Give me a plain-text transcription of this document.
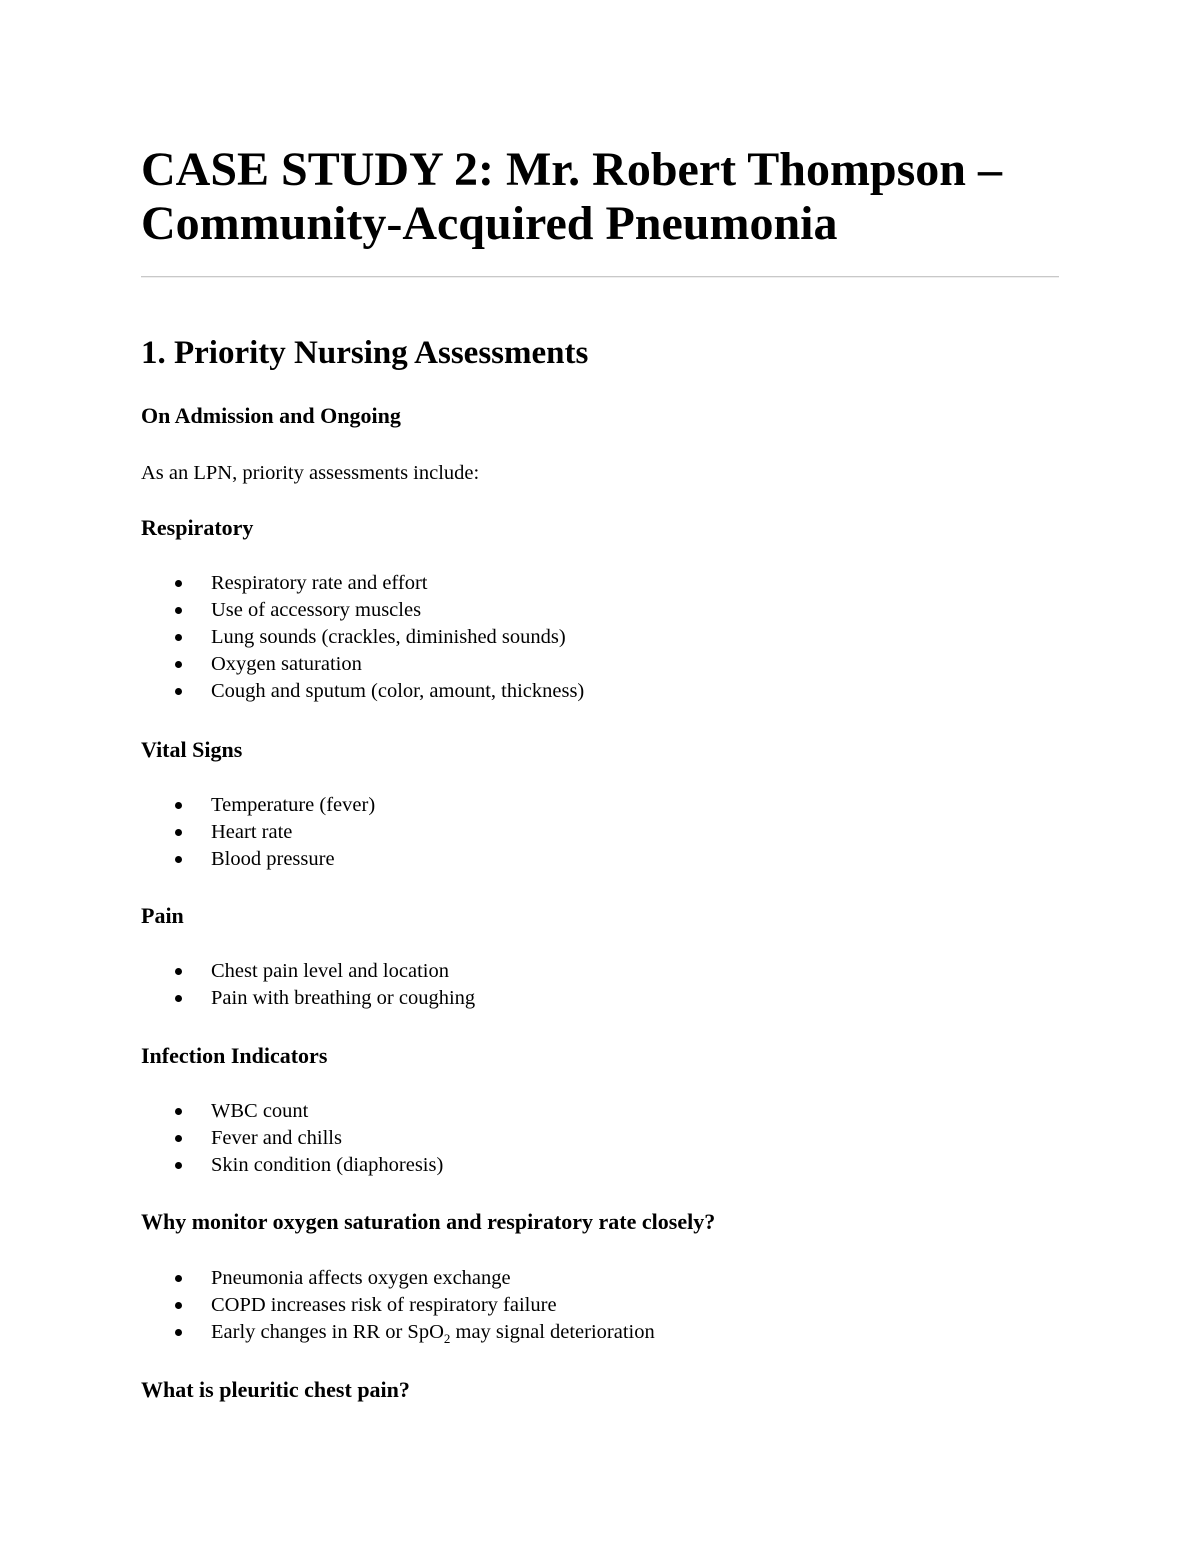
CASE STUDY 2: Mr. Robert Thompson – Community-Acquired Pneumonia
1. Priority Nursing Assessments
On Admission and Ongoing

As an LPN, priority assessments include:

Respiratory
Respiratory rate and effort
Use of accessory muscles
Lung sounds (crackles, diminished sounds)
Oxygen saturation
Cough and sputum (color, amount, thickness)
Vital Signs
Temperature (fever)
Heart rate
Blood pressure
Pain
Chest pain level and location
Pain with breathing or coughing
Infection Indicators
WBC count
Fever and chills
Skin condition (diaphoresis)
Why monitor oxygen saturation and respiratory rate closely?
Pneumonia affects oxygen exchange
COPD increases risk of respiratory failure
Early changes in RR or SpO$_2$ may signal deterioration
What is pleuritic chest pain?
